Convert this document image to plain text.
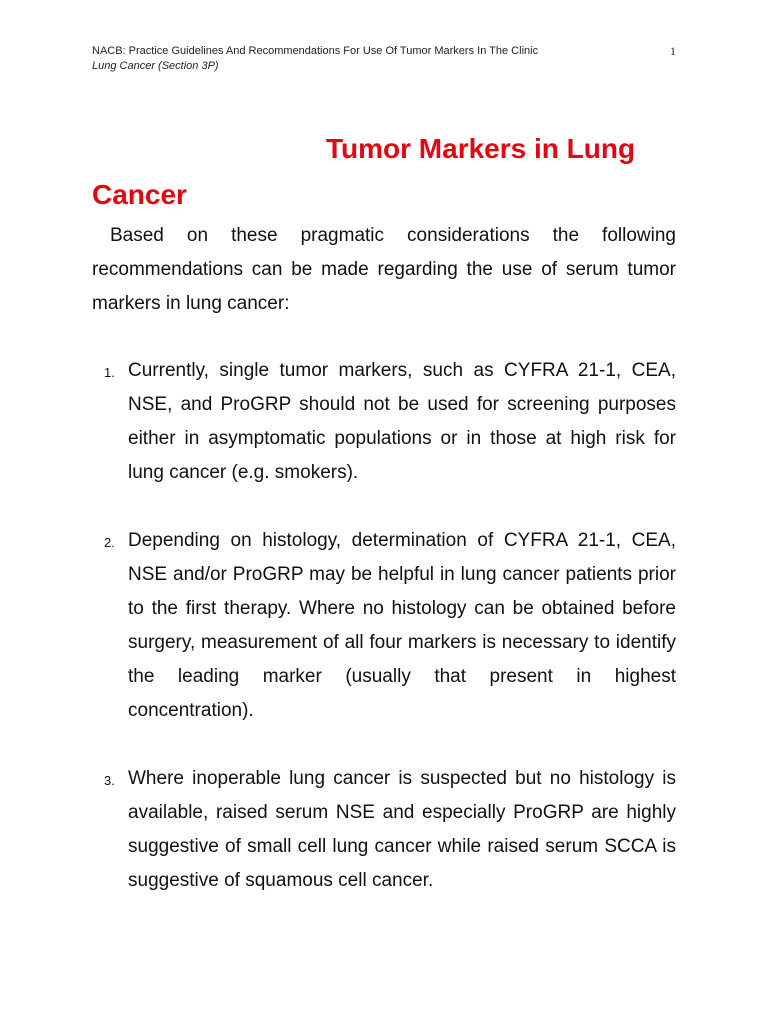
NACB: Practice Guidelines And Recommendations For Use Of Tumor Markers In The Clinic
Lung Cancer (Section 3P)
1
Tumor Markers in Lung
Cancer

Based on these pragmatic considerations the following recommendations can be made regarding the use of serum tumor markers in lung cancer:

1. Currently, single tumor markers, such as CYFRA 21-1, CEA, NSE, and ProGRP should not be used for screening purposes either in asymptomatic populations or in those at high risk for lung cancer (e.g. smokers).
2. Depending on histology, determination of CYFRA 21-1, CEA, NSE and/or ProGRP may be helpful in lung cancer patients prior to the first therapy. Where no histology can be obtained before surgery, measurement of all four markers is necessary to identify the leading marker (usually that present in highest concentration).
3. Where inoperable lung cancer is suspected but no histology is available, raised serum NSE and especially ProGRP are highly suggestive of small cell lung cancer while raised serum SCCA is suggestive of squamous cell cancer.
